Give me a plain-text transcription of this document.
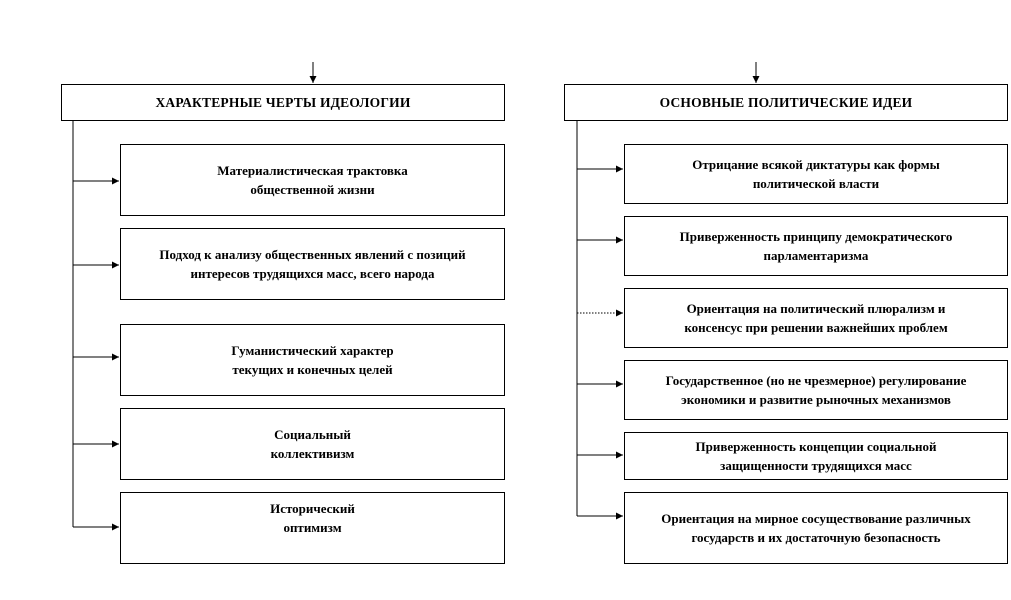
ХАРАКТЕРНЫЕ ЧЕРТЫ ИДЕОЛОГИИ
Материалистическая трактовка
общественной жизни
Подход к анализу общественных явлений с позиций
интересов трудящихся масс, всего народа
Гуманистический характер
текущих и конечных целей
Социальный
коллективизм
Исторический
оптимизм
ОСНОВНЫЕ ПОЛИТИЧЕСКИЕ ИДЕИ
Отрицание всякой диктатуры как формы
политической власти
Приверженность принципу демократического
парламентаризма
Ориентация на политический плюрализм и
консенсус при решении важнейших проблем
Государственное (но не чрезмерное) регулирование
экономики и развитие рыночных механизмов
Приверженность концепции социальной
защищенности трудящихся масс
Ориентация на мирное сосуществование различных
государств и их достаточную безопасность
